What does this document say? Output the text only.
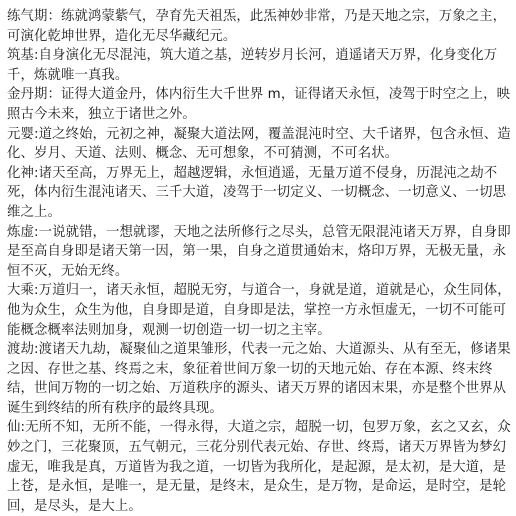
练气期：练就鸿蒙紫气，孕育先天祖炁，此炁神妙非常，乃是天地之宗，万象之主，可演化乾坤世界，造化无尽华藏纪元。

筑基:自身演化无尽混沌，筑大道之基，逆转岁月长河，逍遥诸天万界，化身变化万千，炼就唯一真我。

金丹期：证得大道金丹，体内衍生大千世界 m，证得诸天永恒，凌驾于时空之上，映照古今未来，独立于诸世之外。

元婴:道之终始，元初之神，凝聚大道法网，覆盖混沌时空、大千诸界，包含永恒、造化、岁月、天道、法则、概念、无可想象，不可猜测，不可名状。

化神:诸天至高，万界无上，超越逻辑，永恒逍遥，无量万道不侵身，历混沌之劫不死，体内衍生混沌诸天、三千大道，凌驾于一切定义、一切概念、一切意义、一切思维之上。

炼虚:一说就错，一想就谬，天地之法所修行之尽头，总管无限混沌诸天万界，自身即是至高自身即是诸天第一因，第一果，自身之道贯通始末，烙印万界，无极无量，永恒不灭，无始无终。

大乘:万道归一，诸天永恒，超脱无穷，与道合一，身就是道，道就是心，众生同体，他为众生，众生为他，自身即是道，自身即是法，掌控一方永恒虚无，一切不可能可能概念概率法则加身，观测一切创造一切一切之主宰。

渡劫:渡诸天九劫，凝聚仙之道果雏形，代表一元之始、大道源头、从有至无，修诸果之因、存世之基、终焉之末，象征着世间万象一切的天地元始、存在本源、终末终结，世间万物的一切之始、万道秩序的源头、诸天万界的诸因末果，亦是整个世界从诞生到终结的所有秩序的最终具现。

仙:无所不知，无所不能，一得永得，大道之宗，超脱一切，包罗万象，玄之又玄，众妙之门，三花聚顶，五气朝元，三花分别代表元始、存世、终焉，诸天万界皆为梦幻虚无，唯我是真，万道皆为我之道，一切皆为我所化，是起源，是太初，是大道，是上苍，是永恒，是唯一，是无量，是终末，是众生，是万物，是命运，是时空，是轮回，是尽头，是大上。
